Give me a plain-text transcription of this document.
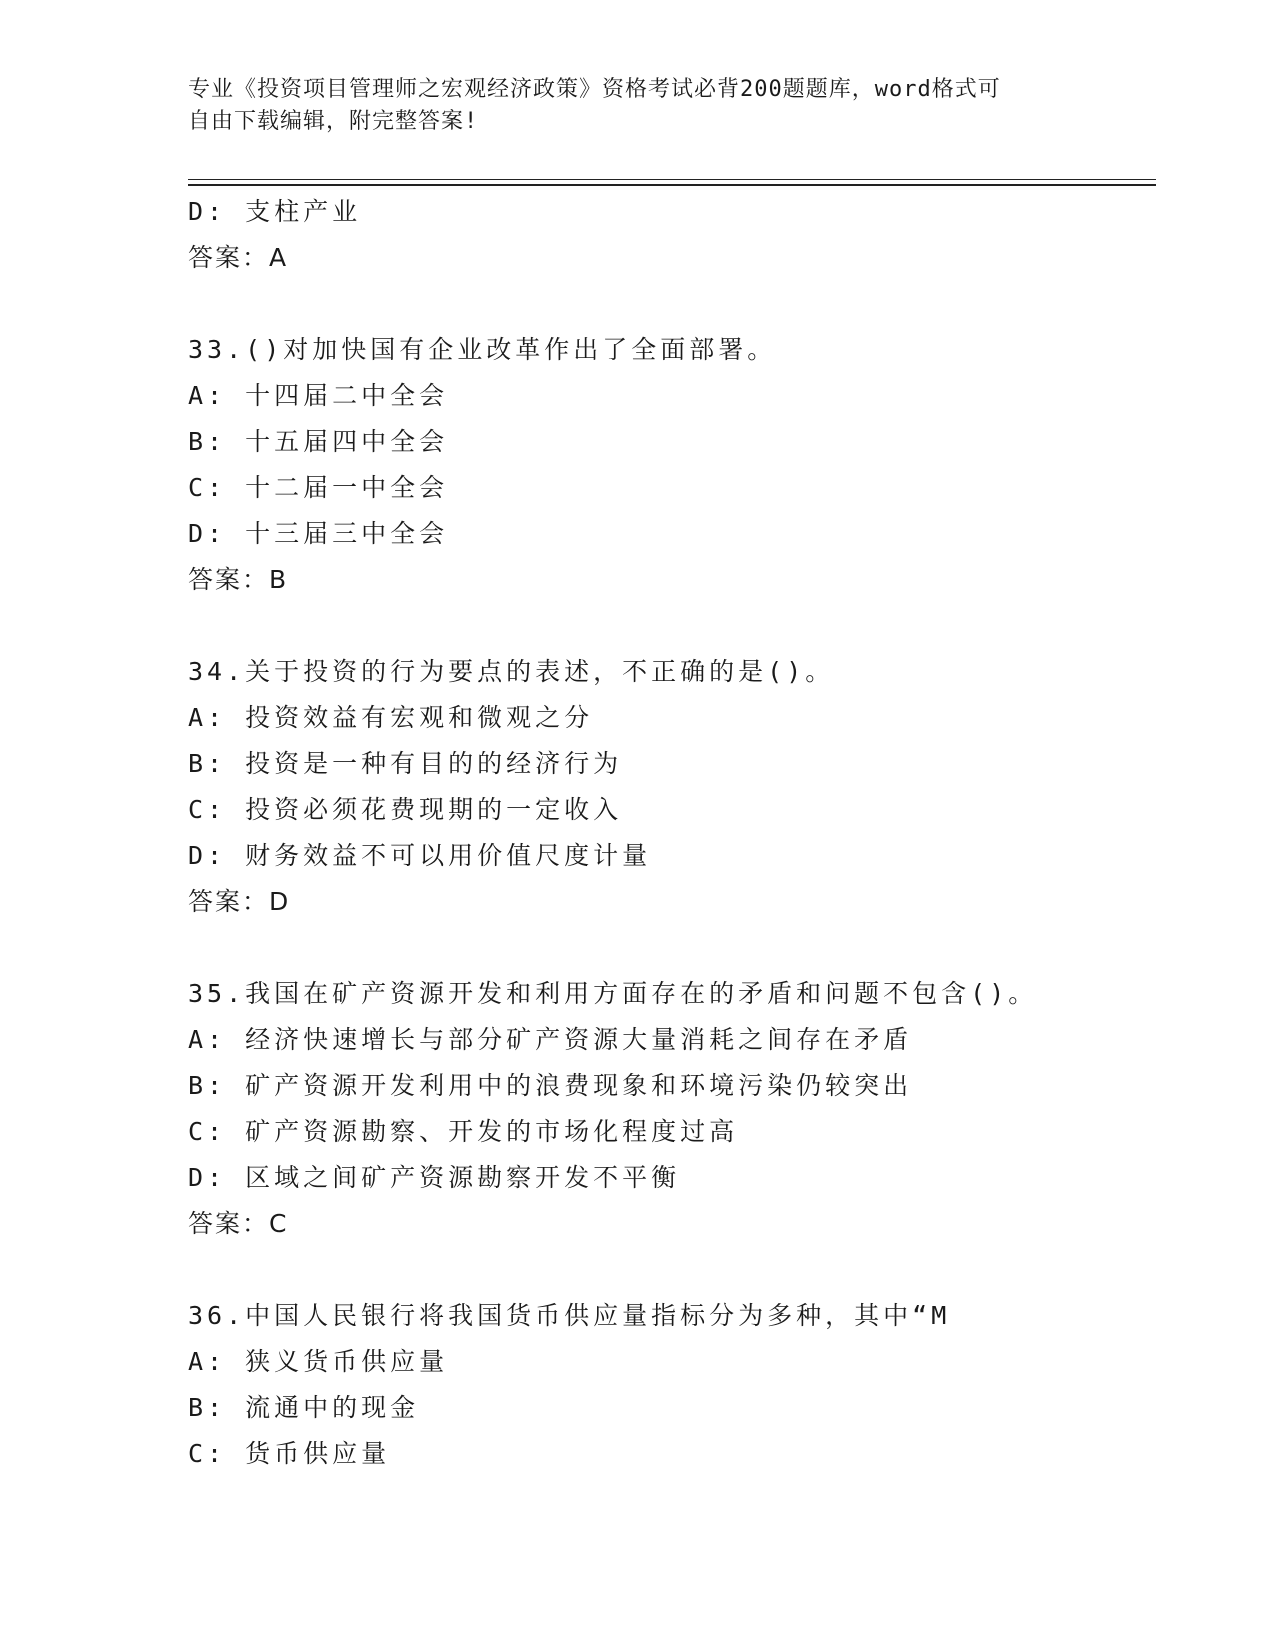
专业《投资项目管理师之宏观经济政策》资格考试必背200题题库，word格式可
自由下载编辑，附完整答案!
D: 支柱产业
答案：A
33.()对加快国有企业改革作出了全面部署。
A: 十四届二中全会
B: 十五届四中全会
C: 十二届一中全会
D: 十三届三中全会
答案：B
34.关于投资的行为要点的表述，不正确的是()。
A: 投资效益有宏观和微观之分
B: 投资是一种有目的的经济行为
C: 投资必须花费现期的一定收入
D: 财务效益不可以用价值尺度计量
答案：D
35.我国在矿产资源开发和利用方面存在的矛盾和问题不包含()。
A: 经济快速增长与部分矿产资源大量消耗之间存在矛盾
B: 矿产资源开发利用中的浪费现象和环境污染仍较突出
C: 矿产资源勘察、开发的市场化程度过高
D: 区域之间矿产资源勘察开发不平衡
答案：C
36.中国人民银行将我国货币供应量指标分为多种，其中“M
A: 狭义货币供应量
B: 流通中的现金
C: 货币供应量
